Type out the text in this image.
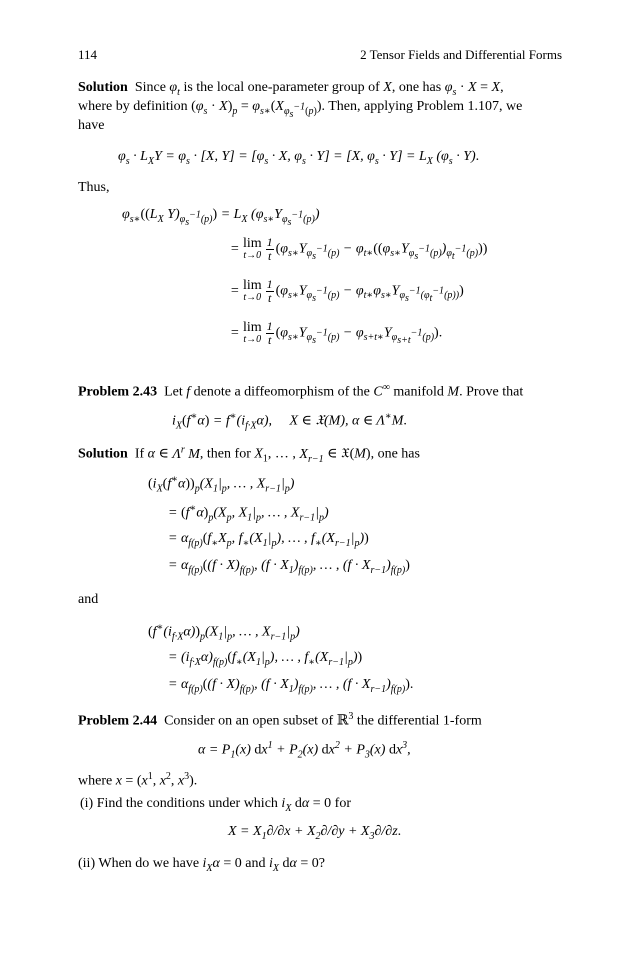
114	2 Tensor Fields and Differential Forms
Solution  Since $\varphi_t$ is the local one-parameter group of X, one has $\varphi_s \cdot X = X$,
where by definition $(\varphi_s \cdot X)_p = \varphi_{s∗}(X_{\varphi_s^{-1}(p)})$. Then, applying Problem 1.107, we
have
$\varphi_s \cdot L_XY = \varphi_s \cdot [X$, $Y] = [\varphi_s \cdot X$, $\varphi_s \cdot Y] = [X$, $\varphi_s \cdot Y] = L_X$ $(\varphi_s \cdot Y)$.
Thus,
$\varphi_{s∗}((L_X$ $Y)_{\varphi_s^{-1}(p)}) = L_X$ $(\varphi_{s∗}Y_{\varphi_s^{-1}(p)})$
= lim
$t\to 0 \frac{1}{t} (\varphi_{s∗}Y_{\varphi_s^{-1}(p)} - \varphi_{t∗}((\varphi_{s∗}Y_{\varphi_s^{-1}(p)})_{\varphi_t^{-1}(p)}))$
= lim
$t\to 0 \frac{1}{t} (\varphi_{s∗}Y_{\varphi_s^{-1}(p)} - \varphi_{t∗}\varphi_{s∗}Y_{\varphi_s^{-1}(\varphi_t^{-1}(p))})$
= lim
$t\to 0 \frac{1}{t} (\varphi_{s∗}Y_{\varphi_s^{-1}(p)} - \varphi_{s+t∗}Y_{\varphi_{s+t}^{-1}(p)})$.
Problem 2.43  Let f denote a diffeomorphism of the C∞ manifold M. Prove that
$i_X(f^∗\alpha) = f^∗(i_{f\cdot X}\alpha)$,     X ∈ 𝔛(M), α ∈ Λ∗M.
Solution  If α ∈ $\Lambda^r$ M, then for $X_1$, … , $X_{r-1}$ ∈ 𝔛(M), one has
$(i_X(f^∗\alpha))_p(X_1|_p$, … , $X_{r-1}|_p$)
= $(f^∗\alpha)_p(X_p$, $X_1|_p$, … , $X_{r-1}|_p$)
= $\alpha_{f(p)}(f_∗X_p$, $f_∗(X_1|_p)$, … , $f_∗(X_{r-1}|_p)$)
= $\alpha_{f(p)}((f \cdot X)_{f(p)}$, $(f \cdot X_1)_{f(p)}$, … , $(f \cdot X_{r-1})_{f(p)}$)
and
$(f^∗(i_{f\cdot X}\alpha))_p(X_1|_p$, … , $X_{r-1}|_p$)
= $(i_{f\cdot X}\alpha)_{f(p)}(f_∗(X_1|_p)$, … , $f_∗(X_{r-1}|_p)$)
= $\alpha_{f(p)}((f \cdot X)_{f(p)}$, $(f \cdot X_1)_{f(p)}$, … , $(f \cdot X_{r-1})_{f(p)}$).
Problem 2.44  Consider on an open subset of ℝ$^3$ the differential 1-form
$\alpha = P_1(x) dx^1 + P_2(x) dx^2 + P_3(x)$ $dx^3$,
where $x = (x^1$, $x^2$, $x^3$).
(i) Find the conditions under which $i_X$ dα = 0 for
$X = X_1\partial/\partial x + X_2\partial/\partial y + X_3\partial/\partial z$.
(ii) When do we have $i_X\alpha = 0$ and $i_X$ dα = 0?
